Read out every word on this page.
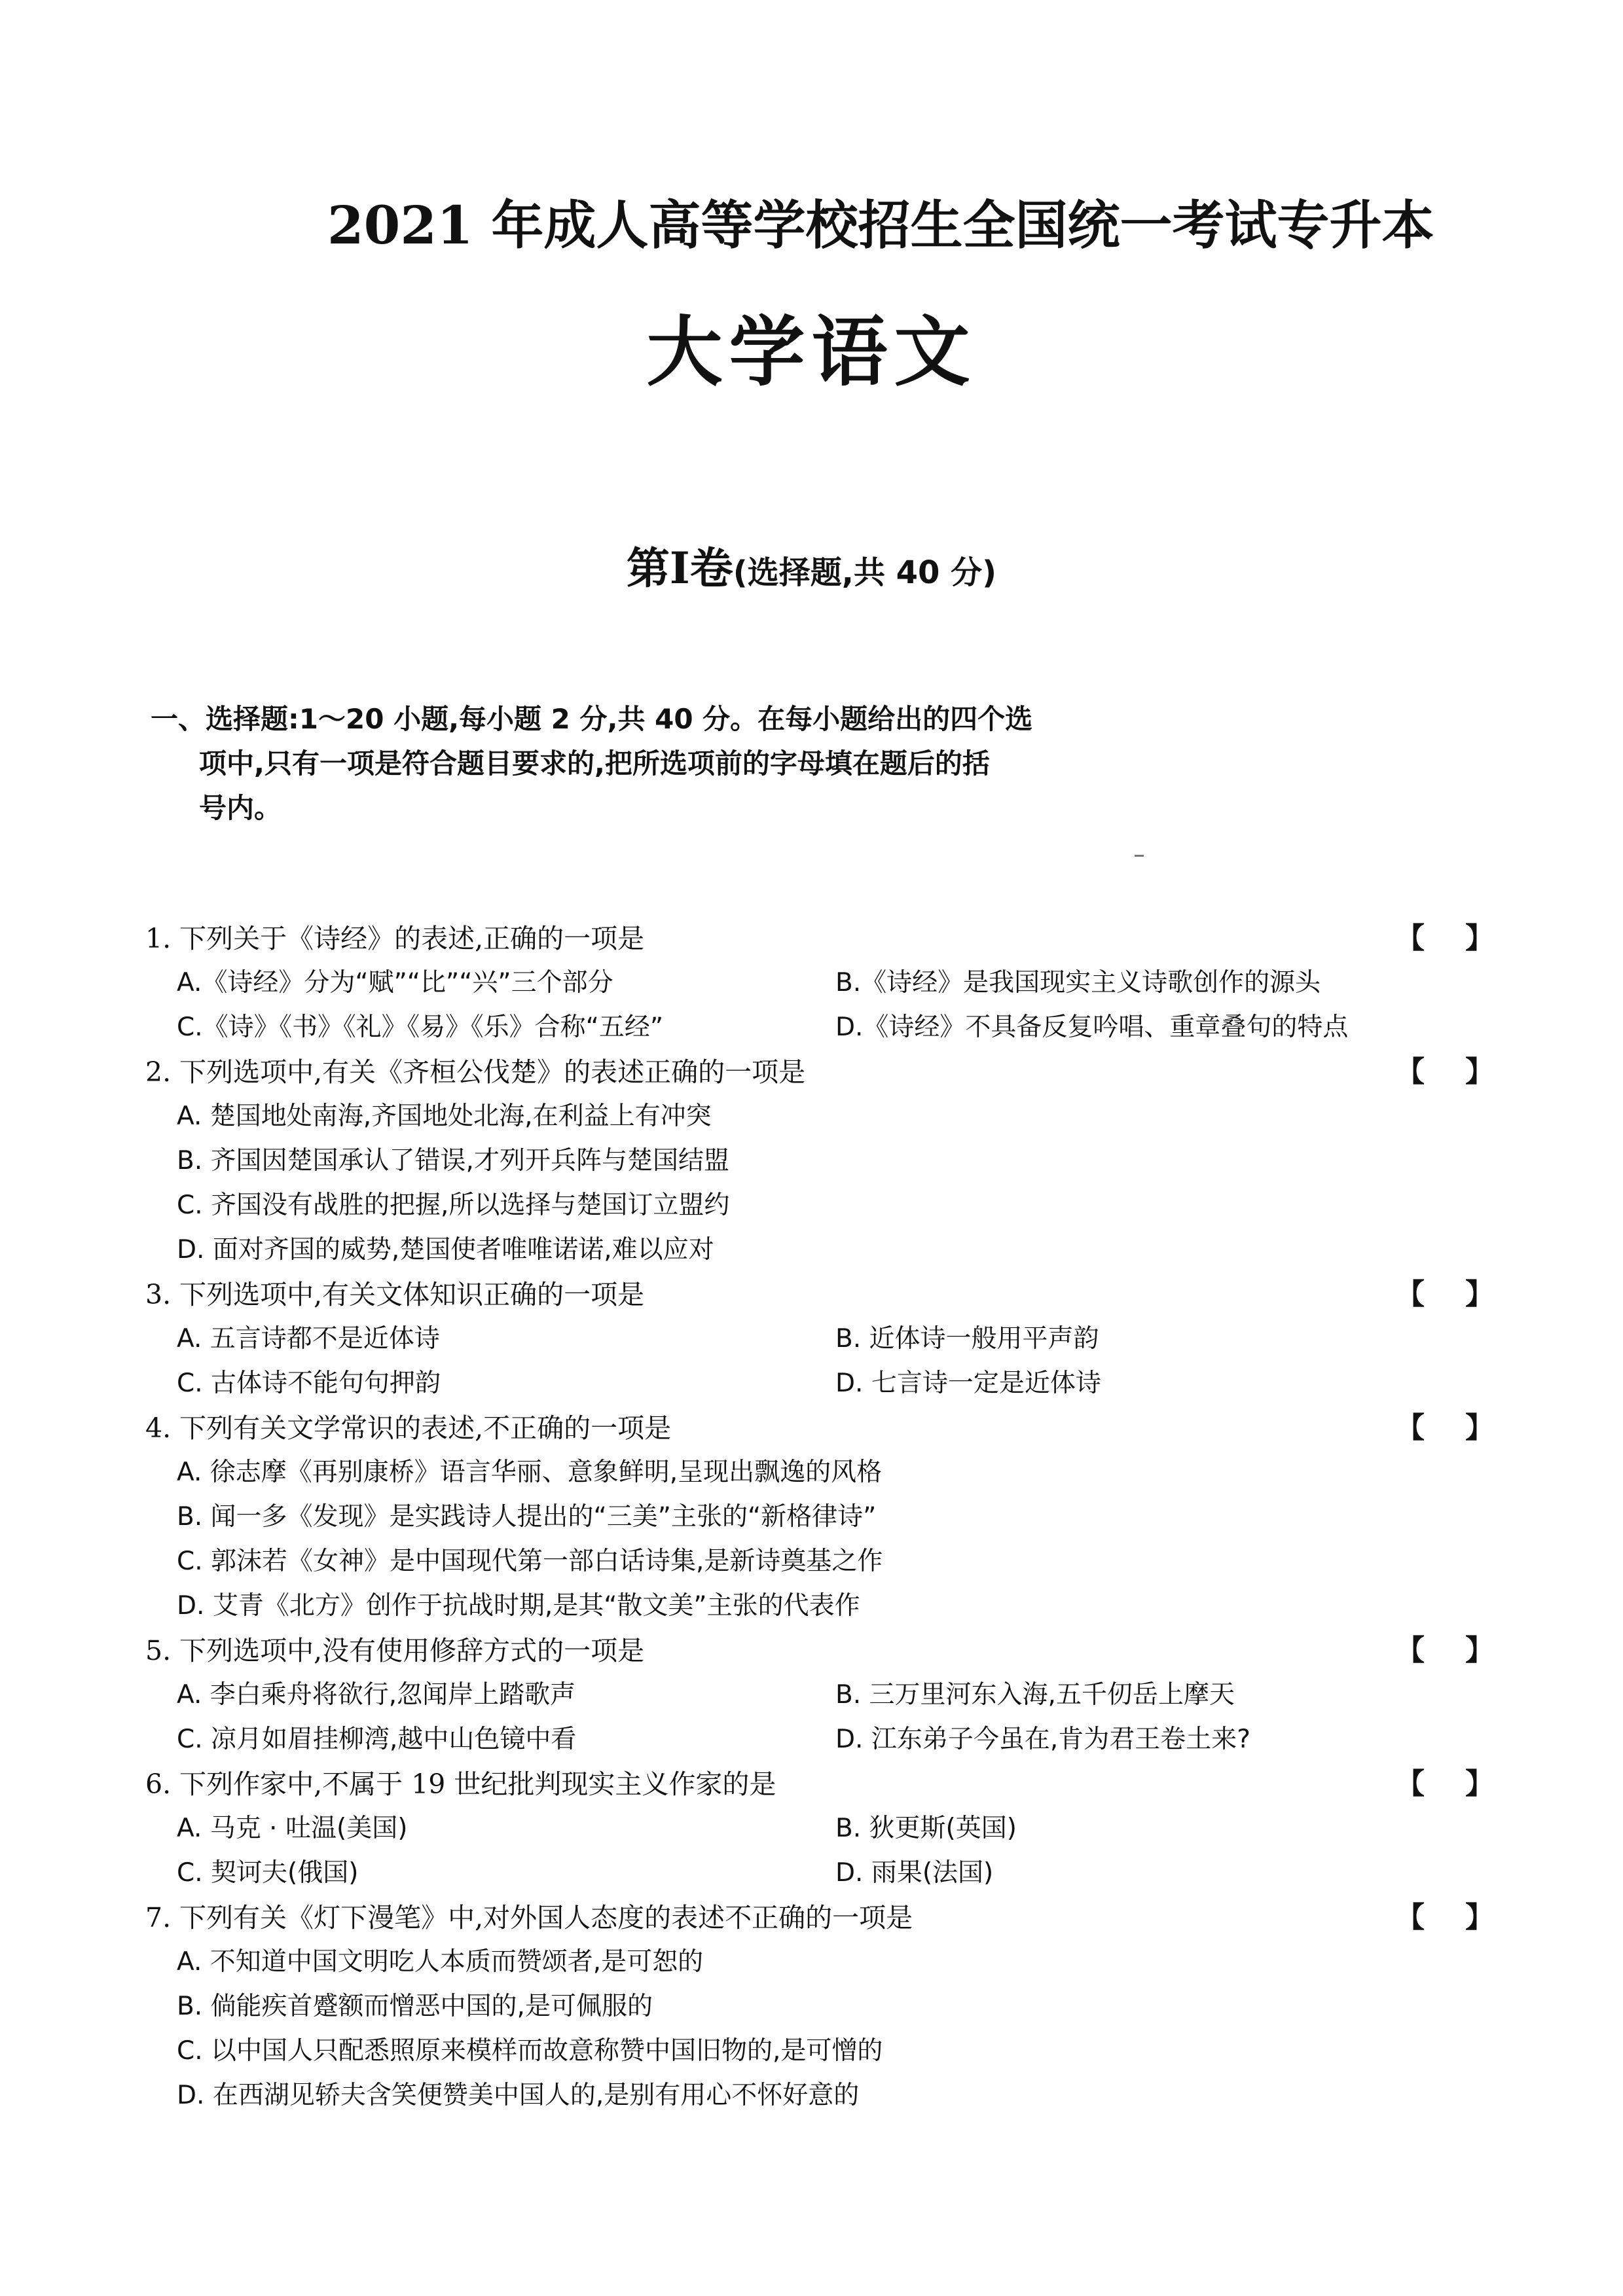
2021 年成人高等学校招生全国统一考试专升本
大学语文
第Ⅰ卷(选择题,共 40 分)
一、选择题:1～20 小题,每小题 2 分,共 40 分。在每小题给出的四个选
项中,只有一项是符合题目要求的,把所选项前的字母填在题后的括
号内。
1. 下列关于《诗经》的表述,正确的一项是	【 】
A.《诗经》分为“赋”“比”“兴”三个部分	B.《诗经》是我国现实主义诗歌创作的源头
C.《诗》《书》《礼》《易》《乐》合称“五经”	D.《诗经》不具备反复吟唱、重章叠句的特点
2. 下列选项中,有关《齐桓公伐楚》的表述正确的一项是	【 】
A. 楚国地处南海,齐国地处北海,在利益上有冲突
B. 齐国因楚国承认了错误,才列开兵阵与楚国结盟
C. 齐国没有战胜的把握,所以选择与楚国订立盟约
D. 面对齐国的威势,楚国使者唯唯诺诺,难以应对
3. 下列选项中,有关文体知识正确的一项是	【 】
A. 五言诗都不是近体诗	B. 近体诗一般用平声韵
C. 古体诗不能句句押韵	D. 七言诗一定是近体诗
4. 下列有关文学常识的表述,不正确的一项是	【 】
A. 徐志摩《再别康桥》语言华丽、意象鲜明,呈现出飘逸的风格
B. 闻一多《发现》是实践诗人提出的“三美”主张的“新格律诗”
C. 郭沫若《女神》是中国现代第一部白话诗集,是新诗奠基之作
D. 艾青《北方》创作于抗战时期,是其“散文美”主张的代表作
5. 下列选项中,没有使用修辞方式的一项是	【 】
A. 李白乘舟将欲行,忽闻岸上踏歌声	B. 三万里河东入海,五千仞岳上摩天
C. 凉月如眉挂柳湾,越中山色镜中看	D. 江东弟子今虽在,肯为君王卷土来?
6. 下列作家中,不属于 19 世纪批判现实主义作家的是	【 】
A. 马克 · 吐温(美国)	B. 狄更斯(英国)
C. 契诃夫(俄国)	D. 雨果(法国)
7. 下列有关《灯下漫笔》中,对外国人态度的表述不正确的一项是	【 】
A. 不知道中国文明吃人本质而赞颂者,是可恕的
B. 倘能疾首蹙额而憎恶中国的,是可佩服的
C. 以中国人只配悉照原来模样而故意称赞中国旧物的,是可憎的
D. 在西湖见轿夫含笑便赞美中国人的,是别有用心不怀好意的
